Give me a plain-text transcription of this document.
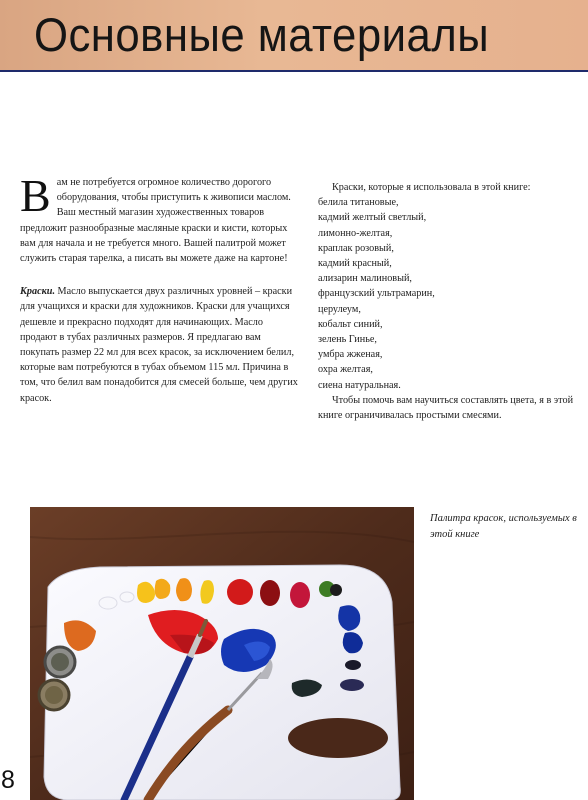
Основные материалы

Вам не потребуется огромное количество дорогого оборудования, чтобы приступить к живописи маслом. Ваш местный магазин художественных товаров предложит разнообразные масляные краски и кисти, которых вам для начала и не требуется много. Вашей палитрой может служить старая тарелка, а писать вы можете даже на картоне!

Краски. Масло выпускается двух различных уровней – краски для учащихся и краски для художников. Краски для учащихся дешевле и прекрасно подходят для начинающих. Масло продают в тубах различных размеров. Я предлагаю вам покупать размер 22 мл для всех красок, за исключением белил, которые вам потребуются в тубах объемом 115 мл. Причина в том, что белил вам понадобится для смесей больше, чем других красок.

Краски, которые я использовала в этой книге:

белила титановые,
кадмий желтый светлый,
лимонно-желтая,
краплак розовый,
кадмий красный,
ализарин малиновый,
французский ультрамарин,
церулеум,
кобальт синий,
зелень Гинье,
умбра жженая,
охра желтая,
сиена натуральная.

Чтобы помочь вам научиться составлять цвета, я в этой книге ограничивалась простыми смесями.

Палитра красок, используемых в этой книге
8
